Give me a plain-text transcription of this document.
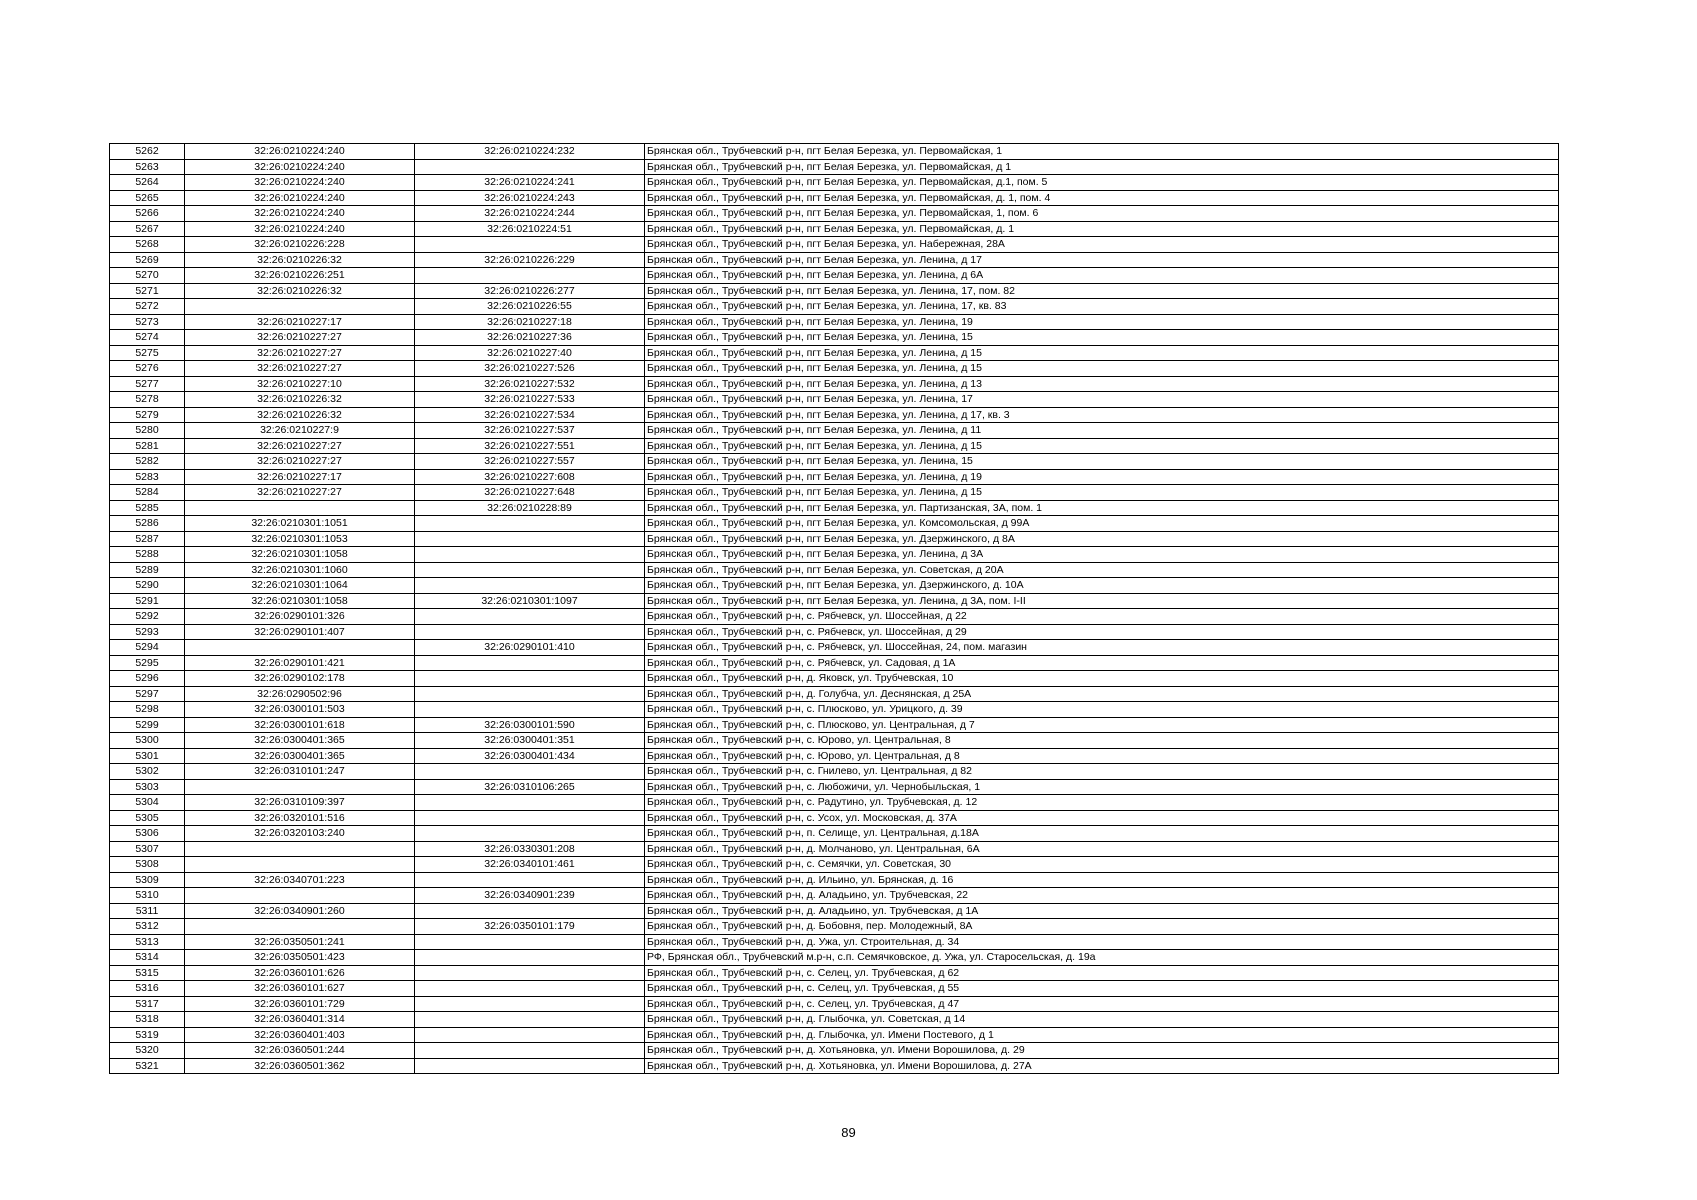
5262	32:26:0210224:240	32:26:0210224:232	Брянская обл., Трубчевский р-н, пгт Белая Березка, ул. Первомайская, 1
5263	32:26:0210224:240		Брянская обл., Трубчевский р-н, пгт Белая Березка, ул. Первомайская, д 1
5264	32:26:0210224:240	32:26:0210224:241	Брянская обл., Трубчевский р-н, пгт Белая Березка, ул. Первомайская, д.1, пом. 5
5265	32:26:0210224:240	32:26:0210224:243	Брянская обл., Трубчевский р-н, пгт Белая Березка, ул. Первомайская, д. 1, пом. 4
5266	32:26:0210224:240	32:26:0210224:244	Брянская обл., Трубчевский р-н, пгт Белая Березка, ул. Первомайская, 1, пом. 6
5267	32:26:0210224:240	32:26:0210224:51	Брянская обл., Трубчевский р-н, пгт Белая Березка, ул. Первомайская, д. 1
5268	32:26:0210226:228		Брянская обл., Трубчевский р-н, пгт Белая Березка, ул. Набережная, 28А
5269	32:26:0210226:32	32:26:0210226:229	Брянская обл., Трубчевский р-н, пгт Белая Березка, ул. Ленина, д 17
5270	32:26:0210226:251		Брянская обл., Трубчевский р-н, пгт Белая Березка, ул. Ленина, д 6А
5271	32:26:0210226:32	32:26:0210226:277	Брянская обл., Трубчевский р-н, пгт Белая Березка, ул. Ленина, 17, пом. 82
5272		32:26:0210226:55	Брянская обл., Трубчевский р-н, пгт Белая Березка, ул. Ленина, 17, кв. 83
5273	32:26:0210227:17	32:26:0210227:18	Брянская обл., Трубчевский р-н, пгт Белая Березка, ул. Ленина, 19
5274	32:26:0210227:27	32:26:0210227:36	Брянская обл., Трубчевский р-н, пгт Белая Березка, ул. Ленина, 15
5275	32:26:0210227:27	32:26:0210227:40	Брянская обл., Трубчевский р-н, пгт Белая Березка, ул. Ленина, д 15
5276	32:26:0210227:27	32:26:0210227:526	Брянская обл., Трубчевский р-н, пгт Белая Березка, ул. Ленина, д 15
5277	32:26:0210227:10	32:26:0210227:532	Брянская обл., Трубчевский р-н, пгт Белая Березка, ул. Ленина, д 13
5278	32:26:0210226:32	32:26:0210227:533	Брянская обл., Трубчевский р-н, пгт Белая Березка, ул. Ленина, 17
5279	32:26:0210226:32	32:26:0210227:534	Брянская обл., Трубчевский р-н, пгт Белая Березка, ул. Ленина, д 17, кв. 3
5280	32:26:0210227:9	32:26:0210227:537	Брянская обл., Трубчевский р-н, пгт Белая Березка, ул. Ленина, д 11
5281	32:26:0210227:27	32:26:0210227:551	Брянская обл., Трубчевский р-н, пгт Белая Березка, ул. Ленина, д 15
5282	32:26:0210227:27	32:26:0210227:557	Брянская обл., Трубчевский р-н, пгт Белая Березка, ул. Ленина, 15
5283	32:26:0210227:17	32:26:0210227:608	Брянская обл., Трубчевский р-н, пгт Белая Березка, ул. Ленина, д 19
5284	32:26:0210227:27	32:26:0210227:648	Брянская обл., Трубчевский р-н, пгт Белая Березка, ул. Ленина, д 15
5285		32:26:0210228:89	Брянская обл., Трубчевский р-н, пгт Белая Березка, ул. Партизанская, 3А, пом. 1
5286	32:26:0210301:1051		Брянская обл., Трубчевский р-н, пгт Белая Березка, ул. Комсомольская, д 99А
5287	32:26:0210301:1053		Брянская обл., Трубчевский р-н, пгт Белая Березка, ул. Дзержинского, д 8А
5288	32:26:0210301:1058		Брянская обл., Трубчевский р-н, пгт Белая Березка, ул. Ленина, д 3А
5289	32:26:0210301:1060		Брянская обл., Трубчевский р-н, пгт Белая Березка, ул. Советская, д 20А
5290	32:26:0210301:1064		Брянская обл., Трубчевский р-н, пгт Белая Березка, ул. Дзержинского, д. 10А
5291	32:26:0210301:1058	32:26:0210301:1097	Брянская обл., Трубчевский р-н, пгт Белая Березка, ул. Ленина, д 3А, пом. I-II
5292	32:26:0290101:326		Брянская обл., Трубчевский р-н, с. Рябчевск, ул. Шоссейная, д 22
5293	32:26:0290101:407		Брянская обл., Трубчевский р-н, с. Рябчевск, ул. Шоссейная, д 29
5294		32:26:0290101:410	Брянская обл., Трубчевский р-н, с. Рябчевск, ул. Шоссейная, 24, пом. магазин
5295	32:26:0290101:421		Брянская обл., Трубчевский р-н, с. Рябчевск, ул. Садовая, д 1А
5296	32:26:0290102:178		Брянская обл., Трубчевский р-н, д. Яковск, ул. Трубчевская, 10
5297	32:26:0290502:96		Брянская обл., Трубчевский р-н, д. Голубча, ул. Деснянская, д 25А
5298	32:26:0300101:503		Брянская обл., Трубчевский р-н, с. Плюсково, ул. Урицкого, д. 39
5299	32:26:0300101:618	32:26:0300101:590	Брянская обл., Трубчевский р-н, с. Плюсково, ул. Центральная, д 7
5300	32:26:0300401:365	32:26:0300401:351	Брянская обл., Трубчевский р-н, с. Юрово, ул. Центральная, 8
5301	32:26:0300401:365	32:26:0300401:434	Брянская обл., Трубчевский р-н, с. Юрово, ул. Центральная, д 8
5302	32:26:0310101:247		Брянская обл., Трубчевский р-н, с. Гнилево, ул. Центральная, д 82
5303		32:26:0310106:265	Брянская обл., Трубчевский р-н, с. Любожичи, ул. Чернобыльская, 1
5304	32:26:0310109:397		Брянская обл., Трубчевский р-н, с. Радутино, ул. Трубчевская, д. 12
5305	32:26:0320101:516		Брянская обл., Трубчевский р-н, с. Усох, ул. Московская, д. 37А
5306	32:26:0320103:240		Брянская обл., Трубчевский р-н, п. Селище, ул. Центральная, д.18А
5307		32:26:0330301:208	Брянская обл., Трубчевский р-н, д. Молчаново, ул. Центральная, 6А
5308		32:26:0340101:461	Брянская обл., Трубчевский р-н, с. Семячки, ул. Советская, 30
5309	32:26:0340701:223		Брянская обл., Трубчевский р-н, д. Ильино, ул. Брянская, д. 16
5310		32:26:0340901:239	Брянская обл., Трубчевский р-н, д. Аладьино, ул. Трубчевская, 22
5311	32:26:0340901:260		Брянская обл., Трубчевский р-н, д. Аладьино, ул. Трубчевская, д 1А
5312		32:26:0350101:179	Брянская обл., Трубчевский р-н, д. Бобовня, пер. Молодежный, 8А
5313	32:26:0350501:241		Брянская обл., Трубчевский р-н, д. Ужа, ул. Строительная, д. 34
5314	32:26:0350501:423		РФ, Брянская обл., Трубчевский м.р-н, с.п. Семячковское, д. Ужа, ул. Старосельская, д. 19а
5315	32:26:0360101:626		Брянская обл., Трубчевский р-н, с. Селец, ул. Трубчевская, д 62
5316	32:26:0360101:627		Брянская обл., Трубчевский р-н, с. Селец, ул. Трубчевская, д 55
5317	32:26:0360101:729		Брянская обл., Трубчевский р-н, с. Селец, ул. Трубчевская, д 47
5318	32:26:0360401:314		Брянская обл., Трубчевский р-н, д. Глыбочка, ул. Советская, д 14
5319	32:26:0360401:403		Брянская обл., Трубчевский р-н, д. Глыбочка, ул. Имени Постевого, д 1
5320	32:26:0360501:244		Брянская обл., Трубчевский р-н, д. Хотьяновка, ул. Имени Ворошилова, д. 29
5321	32:26:0360501:362		Брянская обл., Трубчевский р-н, д. Хотьяновка, ул. Имени Ворошилова, д. 27А
89
